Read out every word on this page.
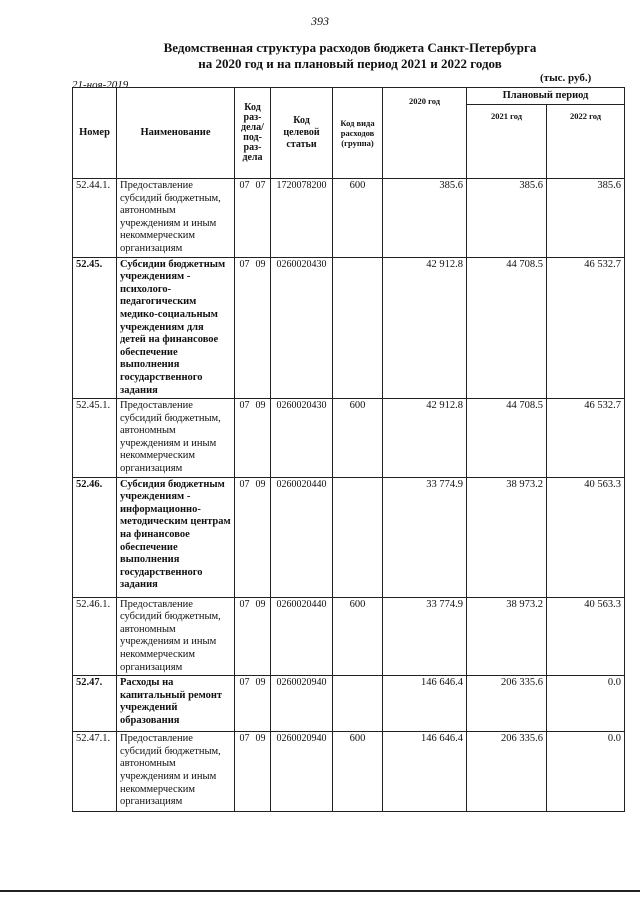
393
Ведомственная структура расходов бюджета Санкт-Петербурга
на 2020 год и на плановый период 2021 и 2022 годов
21-ноя-2019
(тыс. руб.)
Номер	Наименование	Код раз-дела/ под-раз-дела	Код целевой статьи	Код вида расходов (группа)	2020 год	Плановый период	
						2021 год	2022 год
52.44.1.	Предоставление субсидий бюджетным, автономным учреждениям и иным некоммерческим организациям	07 07	1720078200	600	385.6	385.6	385.6
52.45.	Субсидии бюджетным учреждениям - психолого-педагогическим медико-социальным учреждениям для детей на финансовое обеспечение выполнения государственного задания	07 09	0260020430		42 912.8	44 708.5	46 532.7
52.45.1.	Предоставление субсидий бюджетным, автономным учреждениям и иным некоммерческим организациям	07 09	0260020430	600	42 912.8	44 708.5	46 532.7
52.46.	Субсидия бюджетным учреждениям - информационно-методическим центрам на финансовое обеспечение выполнения государственного задания	07 09	0260020440		33 774.9	38 973.2	40 563.3
52.46.1.	Предоставление субсидий бюджетным, автономным учреждениям и иным некоммерческим организациям	07 09	0260020440	600	33 774.9	38 973.2	40 563.3
52.47.	Расходы на капитальный ремонт учреждений образования	07 09	0260020940		146 646.4	206 335.6	0.0
52.47.1.	Предоставление субсидий бюджетным, автономным учреждениям и иным некоммерческим организациям	07 09	0260020940	600	146 646.4	206 335.6	0.0
